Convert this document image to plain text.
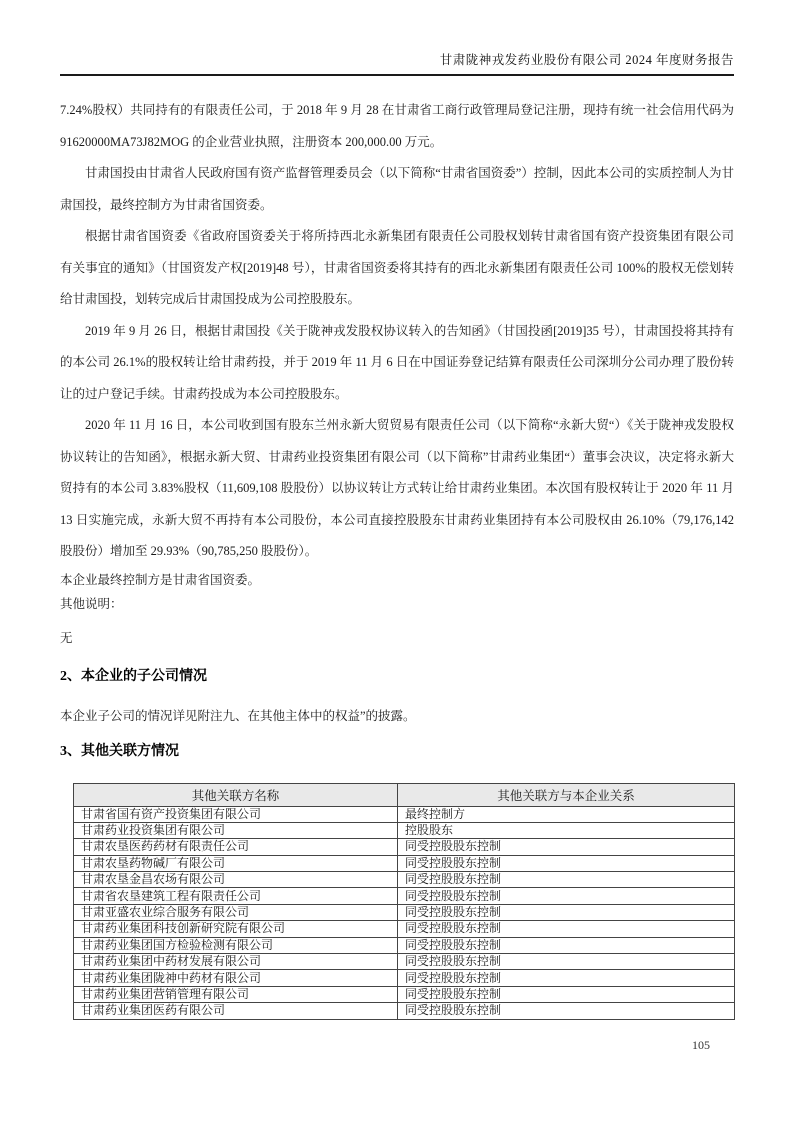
甘肃陇神戎发药业股份有限公司 2024 年度财务报告

7.24%股权）共同持有的有限责任公司，于 2018 年 9 月 28 在甘肃省工商行政管理局登记注册，现持有统一社会信用代码为 91620000MA73J82MOG 的企业营业执照，注册资本 200,000.00 万元。

甘肃国投由甘肃省人民政府国有资产监督管理委员会（以下简称“甘肃省国资委”）控制，因此本公司的实质控制人为甘肃国投，最终控制方为甘肃省国资委。

根据甘肃省国资委《省政府国资委关于将所持西北永新集团有限责任公司股权划转甘肃省国有资产投资集团有限公司有关事宜的通知》（甘国资发产权[2019]48 号），甘肃省国资委将其持有的西北永新集团有限责任公司 100%的股权无偿划转给甘肃国投，划转完成后甘肃国投成为公司控股股东。

2019 年 9 月 26 日，根据甘肃国投《关于陇神戎发股权协议转入的告知函》（甘国投函[2019]35 号），甘肃国投将其持有的本公司 26.1%的股权转让给甘肃药投，并于 2019 年 11 月 6 日在中国证券登记结算有限责任公司深圳分公司办理了股份转让的过户登记手续。甘肃药投成为本公司控股股东。

2020 年 11 月 16 日，本公司收到国有股东兰州永新大贸贸易有限责任公司（以下简称“永新大贸“）《关于陇神戎发股权协议转让的告知函》，根据永新大贸、甘肃药业投资集团有限公司（以下简称”甘肃药业集团“）董事会决议，决定将永新大贸持有的本公司 3.83%股权（11,609,108 股股份）以协议转让方式转让给甘肃药业集团。本次国有股权转让于 2020 年 11 月 13 日实施完成，永新大贸不再持有本公司股份，本公司直接控股股东甘肃药业集团持有本公司股权由 26.10%（79,176,142 股股份）增加至 29.93%（90,785,250 股股份）。

本企业最终控制方是甘肃省国资委。
其他说明：
无
2、本企业的子公司情况
本企业子公司的情况详见附注九、在其他主体中的权益”的披露。
3、其他关联方情况
其他关联方名称	其他关联方与本企业关系
甘肃省国有资产投资集团有限公司	最终控制方
甘肃药业投资集团有限公司	控股股东
甘肃农垦医药药材有限责任公司	同受控股股东控制
甘肃农垦药物碱厂有限公司	同受控股股东控制
甘肃农垦金昌农场有限公司	同受控股股东控制
甘肃省农垦建筑工程有限责任公司	同受控股股东控制
甘肃亚盛农业综合服务有限公司	同受控股股东控制
甘肃药业集团科技创新研究院有限公司	同受控股股东控制
甘肃药业集团国方检验检测有限公司	同受控股股东控制
甘肃药业集团中药材发展有限公司	同受控股股东控制
甘肃药业集团陇神中药材有限公司	同受控股股东控制
甘肃药业集团营销管理有限公司	同受控股股东控制
甘肃药业集团医药有限公司	同受控股股东控制
105
